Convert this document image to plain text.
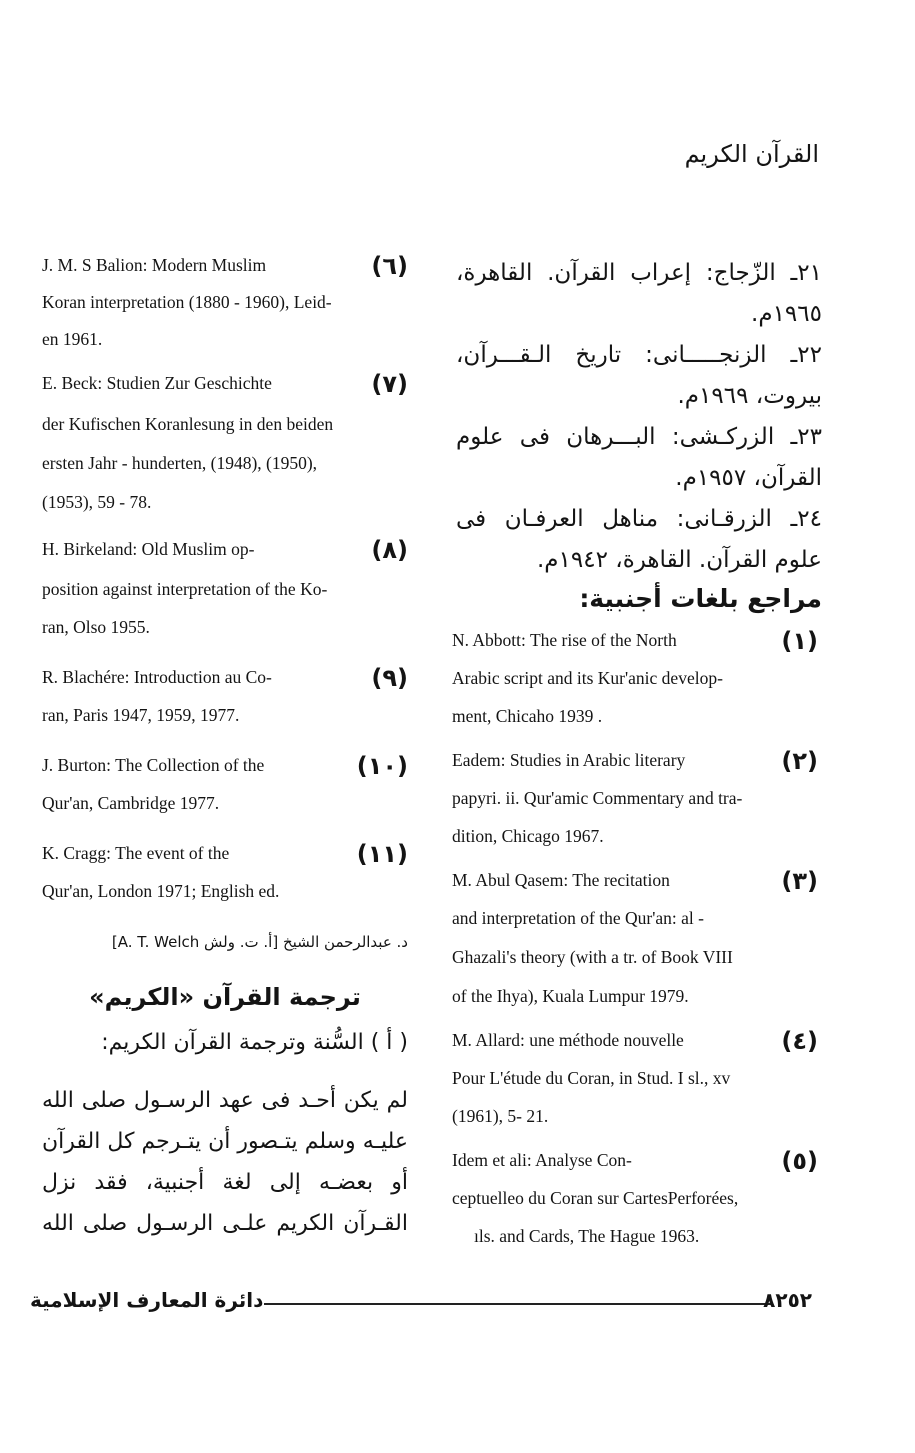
القرآن الكريم
٢١ـ الزّجاج: إعراب القرآن. القاهرة، ١٩٦٥م.
٢٢ـ الزنجـــــانى: تاريخ الـقـــرآن، بيروت، ١٩٦٩م.
٢٣ـ الزركـشى: البـــرهان فى علوم القرآن، ١٩٥٧م.
٢٤ـ الزرقـانى: مناهل العرفـان فى علوم القرآن. القاهرة، ١٩٤٢م.
مراجع بلغات أجنبية:
(١)
N. Abbott: The rise of the North
Arabic script and its Kur'anic develop-
ment, Chicaho 1939 .
(٢)
Eadem: Studies in Arabic literary
papyri. ii. Qur'amic Commentary and tra-
dition, Chicago 1967.
(٣)
M. Abul Qasem: The recitation
and interpretation of the Qur'an: al -
Ghazali's theory (with a tr. of Book VIII
of the Ihya), Kuala Lumpur 1979.
(٤)
M. Allard: une méthode nouvelle
Pour L'étude du Coran, in Stud. I sl., xv
(1961), 5- 21.
(٥)
Idem et ali: Analyse Con-
ceptuelleo du Coran sur CartesPerforées,
ıls. and Cards, The Hague 1963.
(٦)
J. M. S Balion: Modern Muslim
Koran interpretation (1880 - 1960), Leid-
en 1961.
(٧)
E. Beck: Studien Zur Geschichte
der Kufischen Koranlesung in den beiden
ersten Jahr - hunderten, (1948), (1950),
(1953), 59 - 78.
(٨)
H. Birkeland: Old Muslim op-
position against interpretation of the Ko-
ran, Olso 1955.
(٩)
R. Blachére: Introduction au Co-
ran, Paris 1947, 1959, 1977.
(١٠)
J. Burton: The Collection of the
Qur'an, Cambridge 1977.
(١١)
K. Cragg: The event of the
Qur'an, London 1971; English ed.
د. عبدالرحمن الشيخ [أ. ت. ولش A. T. Welch]
ترجمة القرآن «الكريم»
( أ ) السُّنة وترجمة القرآن الكريم:
لم يكن أحـد فى عهد الرسـول صلى الله عليـه وسلم يتـصور أن يتـرجم كل القرآن أو بعضـه إلى لغة أجنبية، فقد نزل القـرآن الكريم علـى الرسـول صلى الله
دائرة المعارف الإسلامية	٨٢٥٢
